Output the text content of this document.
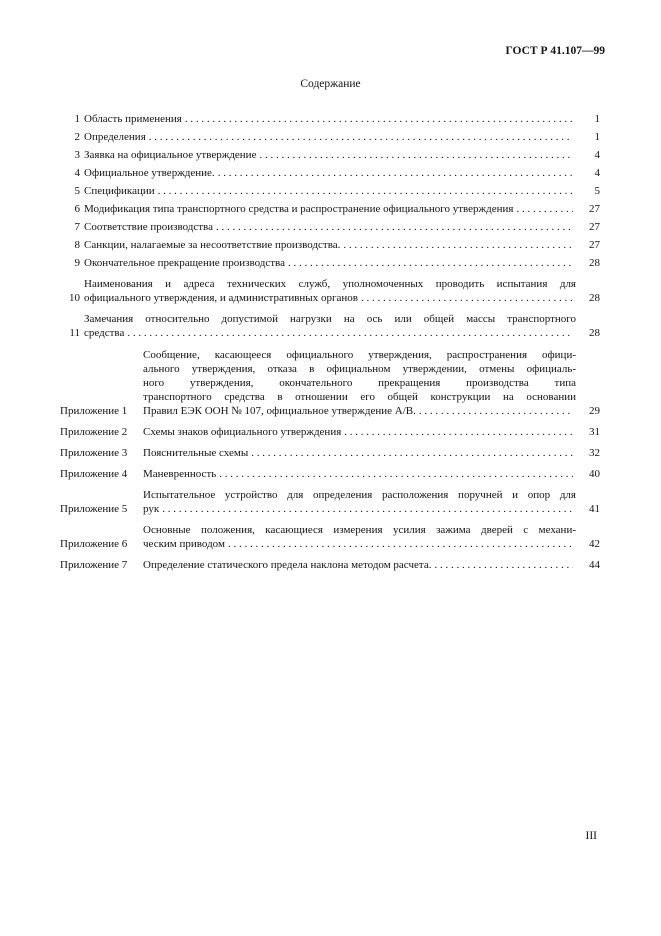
ГОСТ Р 41.107—99
Содержание
1 Область применения . . .	1
2 Определения . . .	1
3 Заявка на официальное утверждение . . .	4
4 Официальное утверждение. . . .	4
5 Спецификации . . .	5
6 Модификация типа транспортного средства и распространение официального утверждения . . .	27
7 Соответствие производства . . .	27
8 Санкции, налагаемые за несоответствие производства. . . .	27
9 Окончательное прекращение производства . . .	28
10
Наименования и адреса технических служб, уполномоченных проводить испытания для
официального утверждения, и административных органов . . .	28
11
Замечания относительно допустимой нагрузки на ось или общей массы транспортного
средства . . .	28
Приложение 1
Сообщение, касающееся официального утверждения, распространения офици-
ального утверждения, отказа в официальном утверждении, отмены официаль-
ного утверждения, окончательного прекращения производства типа
транспортного средства в отношении его общей конструкции на основании
Правил ЕЭК ООН № 107, официальное утверждение А/В. . . .	29
Приложение 2	Схемы знаков официального утверждения . . .	31
Приложение 3	Пояснительные схемы . . .	32
Приложение 4	Маневренность . . .	40
Приложение 5
Испытательное устройство для определения расположения поручней и опор для
рук . . .	41
Приложение 6
Основные положения, касающиеся измерения усилия зажима дверей с механи-
ческим приводом . . .	42
Приложение 7	Определение статического предела наклона методом расчета. . . .	44
III
